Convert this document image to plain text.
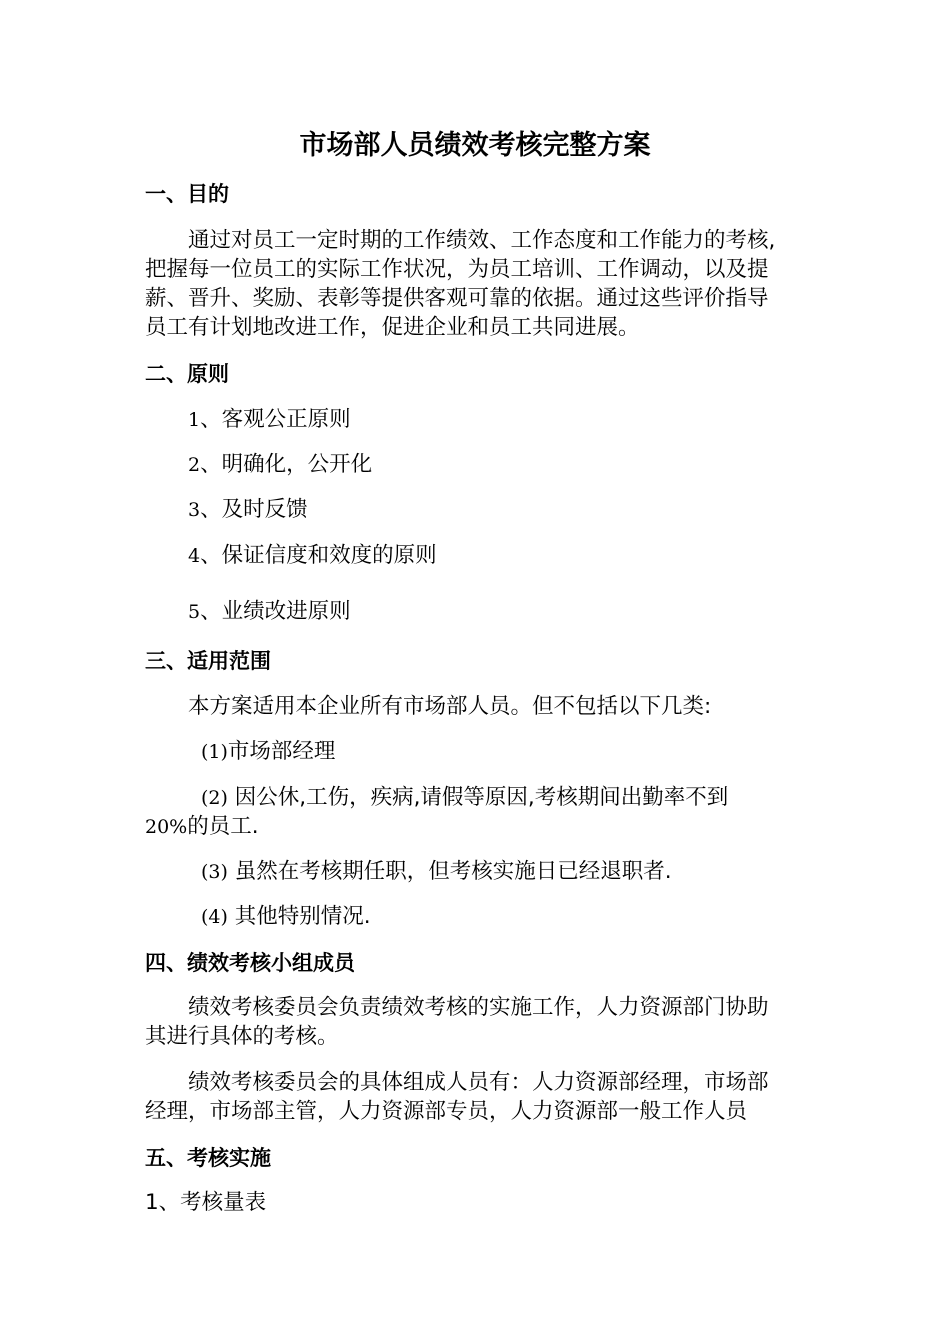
市场部人员绩效考核完整方案
一、目的
通过对员工一定时期的工作绩效、工作态度和工作能力的考核,
把握每一位员工的实际工作状况，为员工培训、工作调动，以及提
薪、晋升、奖励、表彰等提供客观可靠的依据。通过这些评价指导
员工有计划地改进工作，促进企业和员工共同进展。
二、原则
1、客观公正原则
2、明确化，公开化
3、及时反馈
4、保证信度和效度的原则
5、业绩改进原则
三、适用范围
本方案适用本企业所有市场部人员。但不包括以下几类:
(1)市场部经理
(2) 因公休,工伤，疾病,请假等原因,考核期间出勤率不到
20%的员工.
(3) 虽然在考核期任职，但考核实施日已经退职者.
(4) 其他特别情况.
四、绩效考核小组成员
绩效考核委员会负责绩效考核的实施工作，人力资源部门协助
其进行具体的考核。
绩效考核委员会的具体组成人员有：人力资源部经理，市场部
经理，市场部主管，人力资源部专员，人力资源部一般工作人员
五、考核实施
1、考核量表
